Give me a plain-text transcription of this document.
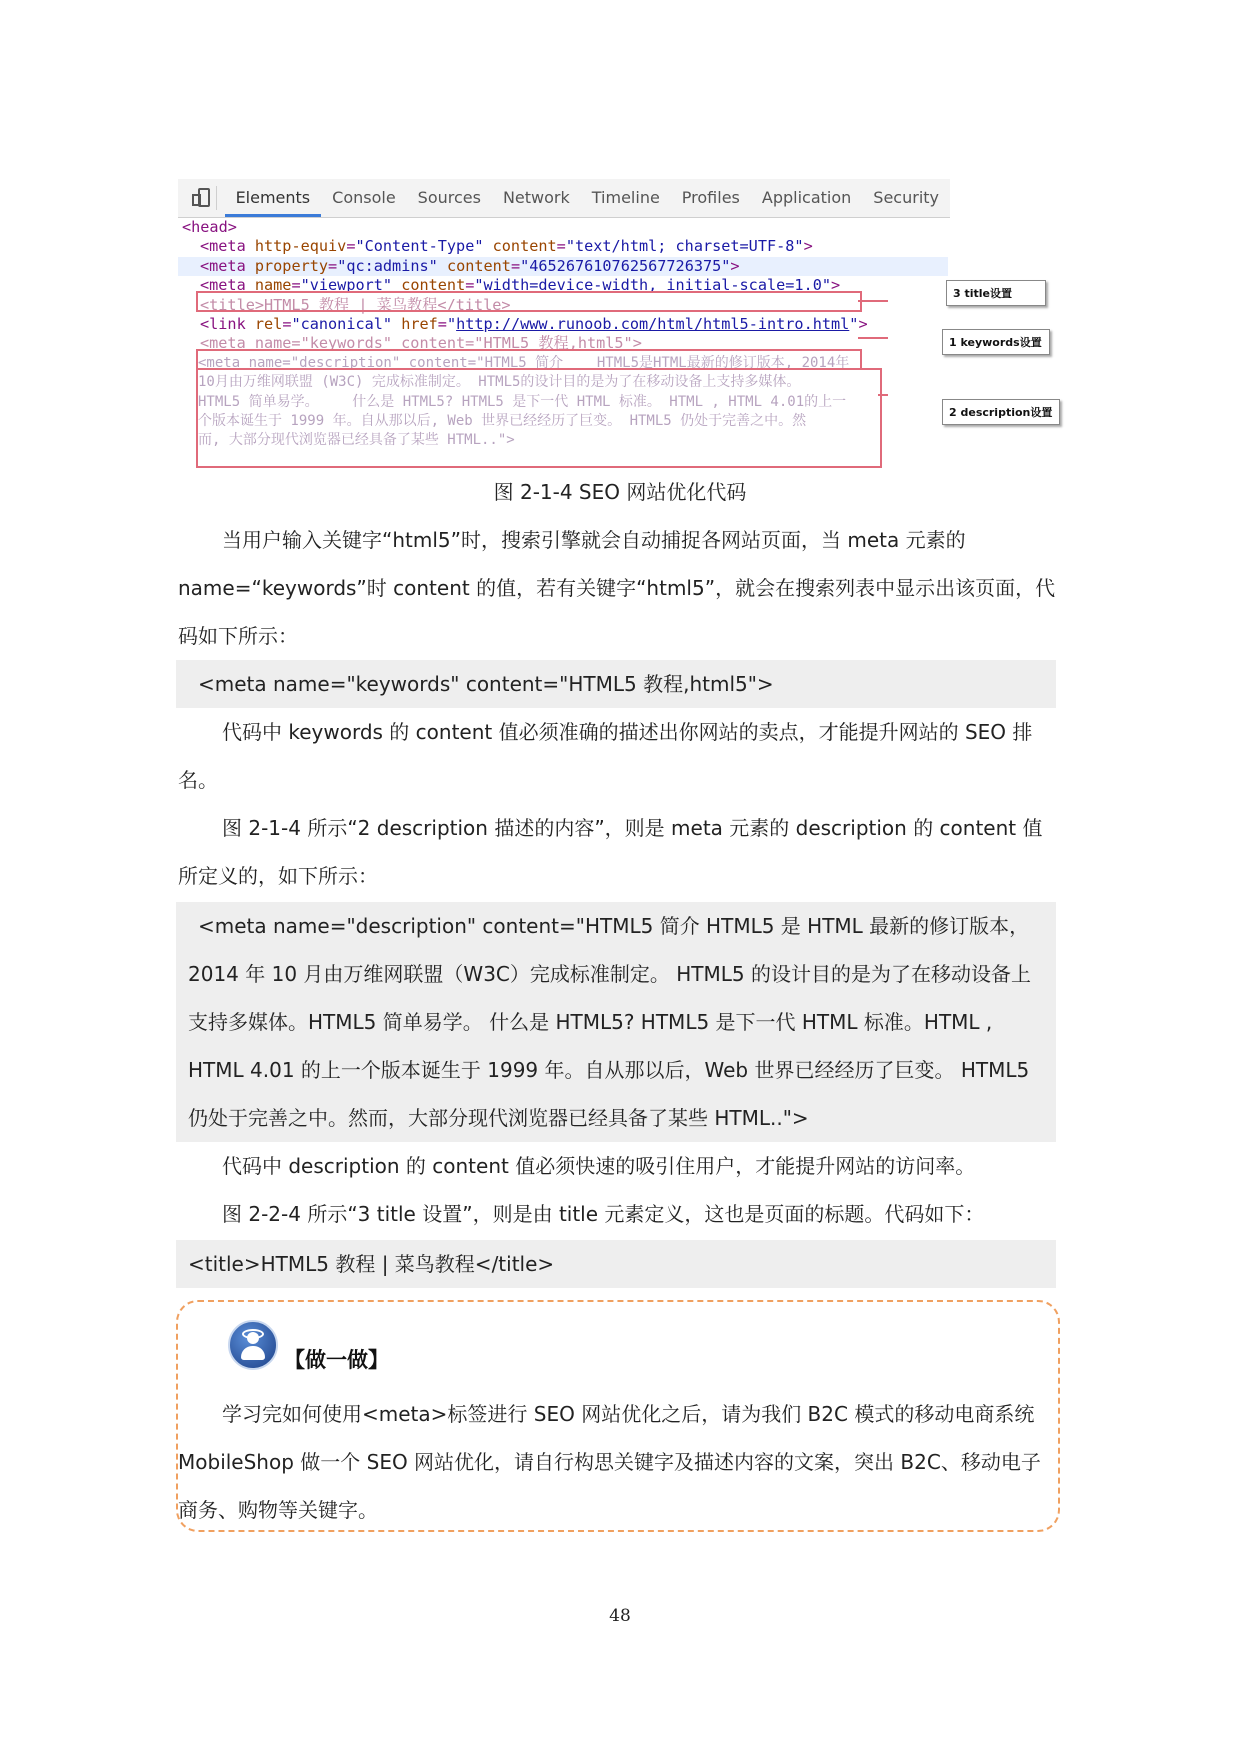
Elements	Console	Sources	Network	Timeline	Profiles	Application	Security
<head>
<meta http-equiv="Content-Type" content="text/html; charset=UTF-8">
<meta property="qc:admins" content="465267610762567726375">
<meta name="viewport" content="width=device-width, initial-scale=1.0">
<title>HTML5 教程 | 菜鸟教程</title>
<link rel="canonical" href="http://www.runoob.com/html/html5-intro.html">
<meta name="keywords" content="HTML5 教程,html5">
<meta name="description" content="HTML5 简介    HTML5是HTML最新的修订版本, 2014年
10月由万维网联盟 (W3C) 完成标准制定。 HTML5的设计目的是为了在移动设备上支持多媒体。
HTML5 简单易学。    什么是 HTML5? HTML5 是下一代 HTML 标准。 HTML , HTML 4.01的上一
个版本诞生于 1999 年。自从那以后, Web 世界已经经历了巨变。 HTML5 仍处于完善之中。然
而, 大部分现代浏览器已经具备了某些 HTML..">
3 title设置
1 keywords设置
2 description设置
图 2-1-4 SEO 网站优化代码
当用户输入关键字“html5”时，搜索引擎就会自动捕捉各网站页面，当 meta 元素的 name=“keywords”时 content 的值，若有关键字“html5”，就会在搜索列表中显示出该页面，代码如下所示：
<meta name="keywords" content="HTML5 教程,html5">
代码中 keywords 的 content 值必须准确的描述出你网站的卖点，才能提升网站的 SEO 排名。
图 2-1-4 所示“2 description 描述的内容”，则是 meta 元素的 description 的 content 值所定义的，如下所示：
<meta name="description" content="HTML5 简介 HTML5 是 HTML 最新的修订版本，2014 年 10 月由万维网联盟（W3C）完成标准制定。 HTML5 的设计目的是为了在移动设备上支持多媒体。HTML5 简单易学。 什么是 HTML5? HTML5 是下一代 HTML 标准。HTML , HTML 4.01 的上一个版本诞生于 1999 年。自从那以后，Web 世界已经经历了巨变。 HTML5 仍处于完善之中。然而，大部分现代浏览器已经具备了某些 HTML..">
代码中 description 的 content 值必须快速的吸引住用户，才能提升网站的访问率。
图 2-2-4 所示“3 title 设置”，则是由 title 元素定义，这也是页面的标题。代码如下：
<title>HTML5 教程 | 菜鸟教程</title>
【做一做】
学习完如何使用<meta>标签进行 SEO 网站优化之后，请为我们 B2C 模式的移动电商系统 MobileShop 做一个 SEO 网站优化，请自行构思关键字及描述内容的文案，突出 B2C、移动电子商务、购物等关键字。
48
